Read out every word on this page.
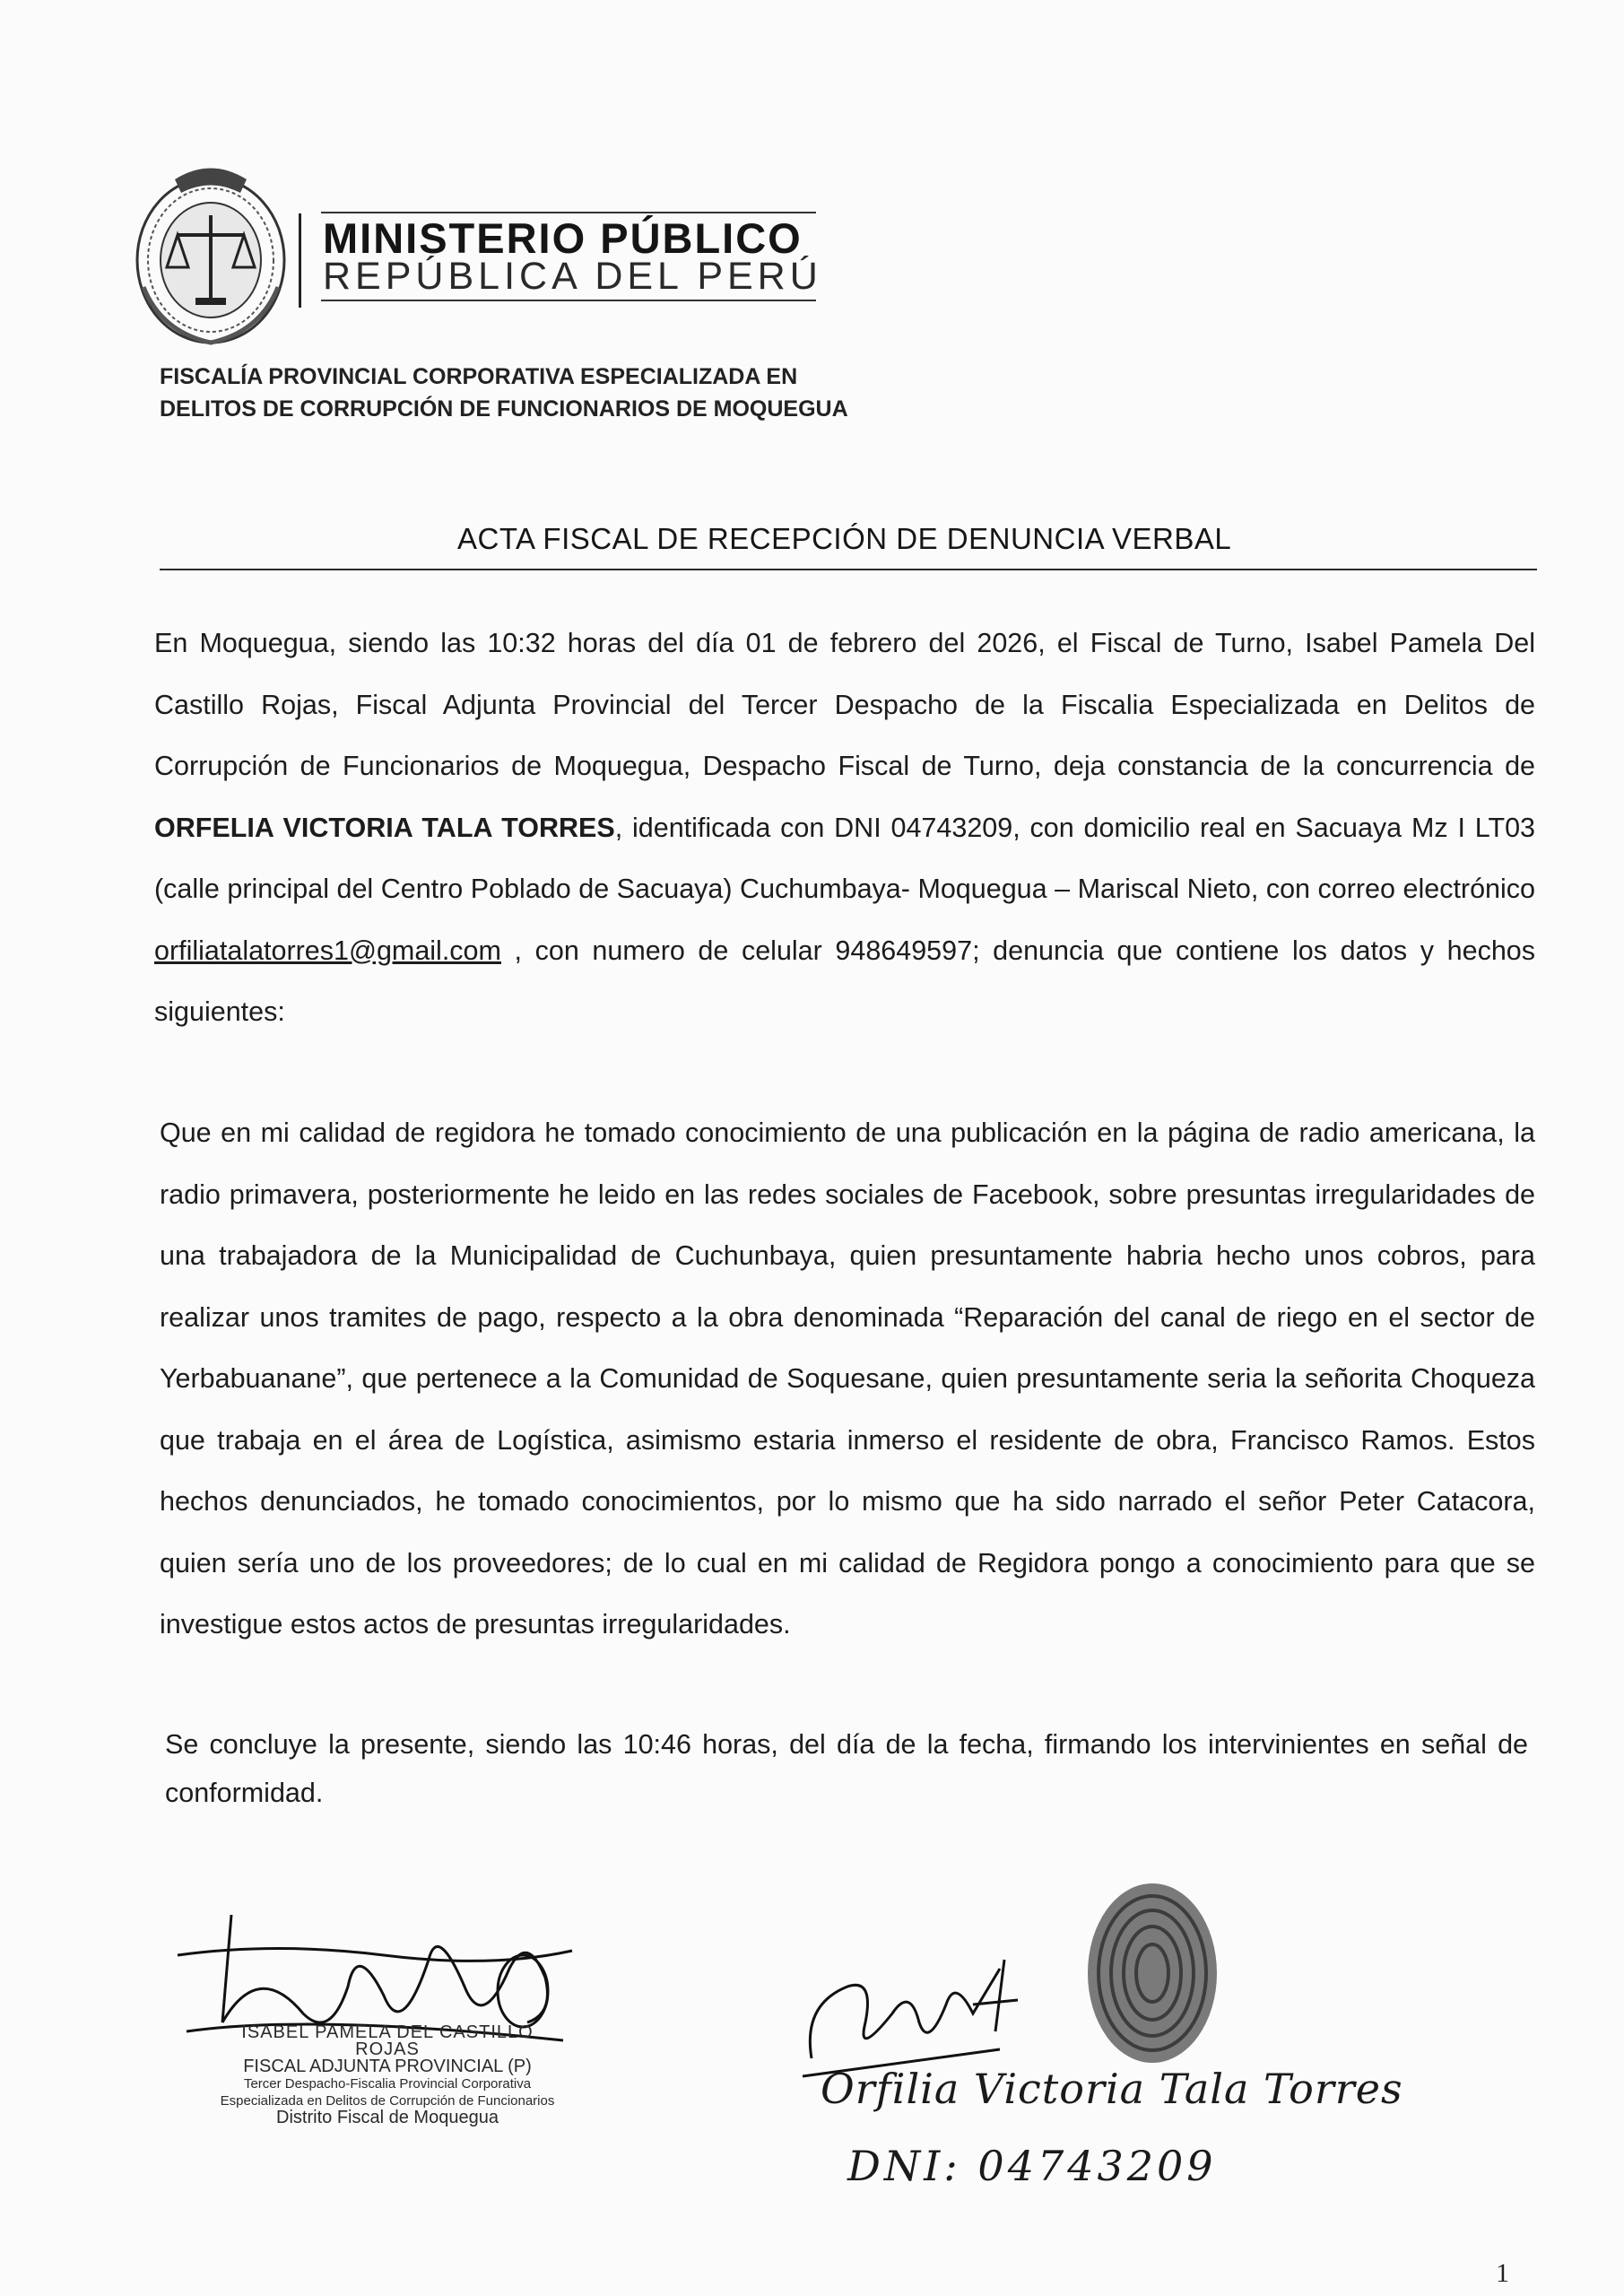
MINISTERIO PÚBLICO
REPÚBLICA DEL PERÚ
FISCALÍA PROVINCIAL CORPORATIVA ESPECIALIZADA EN
DELITOS DE CORRUPCIÓN DE FUNCIONARIOS DE MOQUEGUA
ACTA FISCAL DE RECEPCIÓN DE DENUNCIA VERBAL
En Moquegua, siendo las 10:32 horas del día 01 de febrero del 2026, el Fiscal de Turno, Isabel Pamela Del Castillo Rojas, Fiscal Adjunta Provincial del Tercer Despacho de la Fiscalia Especializada en Delitos de Corrupción de Funcionarios de Moquegua, Despacho Fiscal de Turno, deja constancia de la concurrencia de ORFELIA VICTORIA TALA TORRES, identificada con DNI 04743209, con domicilio real en Sacuaya Mz I LT03 (calle principal del Centro Poblado de Sacuaya) Cuchumbaya- Moquegua – Mariscal Nieto, con correo electrónico orfiliatalatorres1@gmail.com , con numero de celular 948649597; denuncia que contiene los datos y hechos siguientes:
Que en mi calidad de regidora he tomado conocimiento de una publicación en la página de radio americana, la radio primavera, posteriormente he leido en las redes sociales de Facebook, sobre presuntas irregularidades de una trabajadora de la Municipalidad de Cuchunbaya, quien presuntamente habria hecho unos cobros, para realizar unos tramites de pago, respecto a la obra denominada “Reparación del canal de riego en el sector de Yerbabuanane”, que pertenece a la Comunidad de Soquesane, quien presuntamente seria la señorita Choqueza que trabaja en el área de Logística, asimismo estaria inmerso el residente de obra, Francisco Ramos. Estos hechos denunciados, he tomado conocimientos, por lo mismo que ha sido narrado el señor Peter Catacora, quien sería uno de los proveedores; de lo cual en mi calidad de Regidora pongo a conocimiento para que se investigue estos actos de presuntas irregularidades.
Se concluye la presente, siendo las 10:46 horas, del día de la fecha, firmando los intervinientes en señal de conformidad.
ISABEL PAMELA DEL CASTILLO ROJAS
FISCAL ADJUNTA PROVINCIAL (P)
Tercer Despacho-Fiscalia Provincial Corporativa
Especializada en Delitos de Corrupción de Funcionarios
Distrito Fiscal de Moquegua
Orfilia Victoria Tala Torres
DNI: 04743209
1
